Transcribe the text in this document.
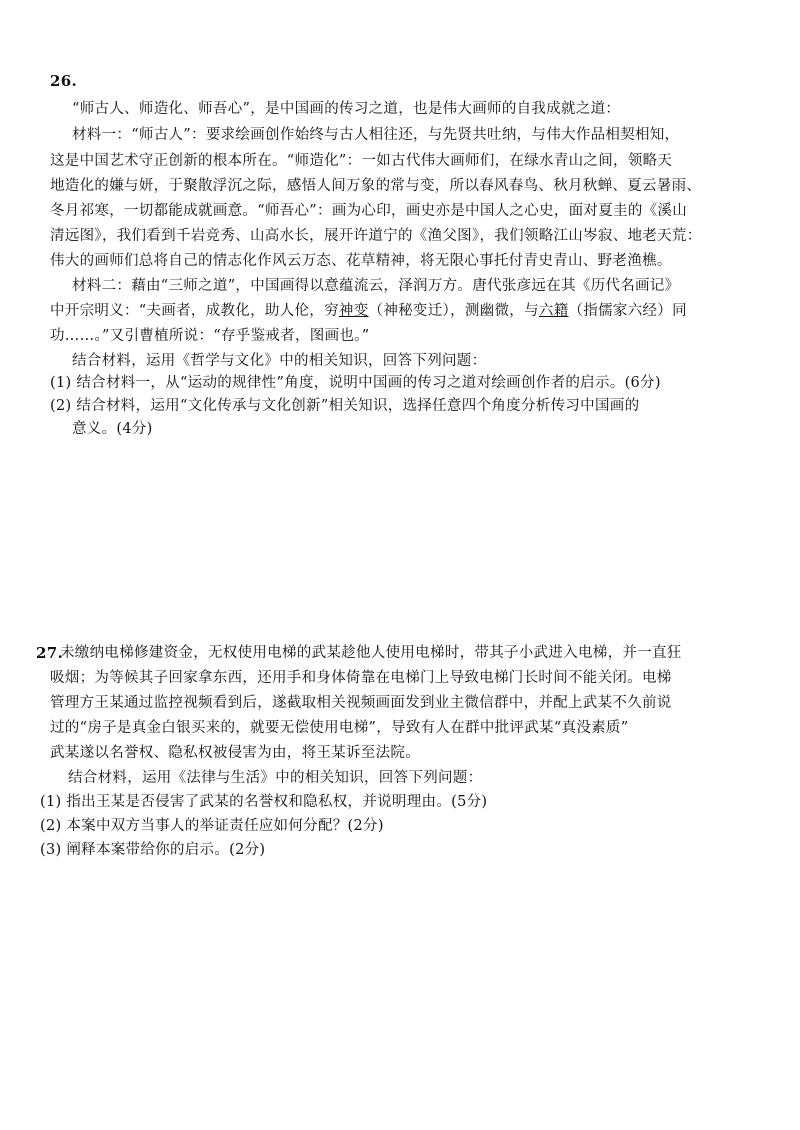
26.
“师古人、师造化、师吾心”，是中国画的传习之道，也是伟大画师的自我成就之道：
材料一：“师古人”：要求绘画创作始终与古人相往还，与先贤共吐纳，与伟大作品相契相知，
这是中国艺术守正创新的根本所在。“师造化”：一如古代伟大画师们，在绿水青山之间，领略天
地造化的嫌与妍，于聚散浮沉之际，感悟人间万象的常与变，所以春风春鸟、秋月秋蝉、夏云暑雨、
冬月祁寒，一切都能成就画意。“师吾心”：画为心印，画史亦是中国人之心史，面对夏圭的《溪山
清远图》，我们看到千岩竞秀、山高水长，展开许道宁的《渔父图》，我们领略江山岑寂、地老天荒：
伟大的画师们总将自己的情志化作风云万态、花草精神，将无限心事托付青史青山、野老渔樵。
材料二：藉由“三师之道”，中国画得以意蕴流云，泽润万方。唐代张彦远在其《历代名画记》
中开宗明义：“夫画者，成教化，助人伦，穷神变（神秘变迁），测幽微，与六籍（指儒家六经）同
功……。”又引曹植所说：“存乎鉴戒者，图画也。”
结合材料，运用《哲学与文化》中的相关知识，回答下列问题：
(1) 结合材料一，从“运动的规律性”角度，说明中国画的传习之道对绘画创作者的启示。(6分)
(2) 结合材料，运用“文化传承与文化创新”相关知识，选择任意四个角度分析传习中国画的
意义。(4分)
27.
未缴纳电梯修建资金，无权使用电梯的武某趁他人使用电梯时，带其子小武进入电梯，并一直狂
吸烟；为等候其子回家拿东西，还用手和身体倚靠在电梯门上导致电梯门长时间不能关闭。电梯
管理方王某通过监控视频看到后，遂截取相关视频画面发到业主微信群中，并配上武某不久前说
过的“房子是真金白银买来的，就要无偿使用电梯”，导致有人在群中批评武某“真没素质”
武某遂以名誉权、隐私权被侵害为由，将王某诉至法院。
结合材料，运用《法律与生活》中的相关知识，回答下列问题：
(1) 指出王某是否侵害了武某的名誉权和隐私权，并说明理由。(5分)
(2) 本案中双方当事人的举证责任应如何分配？(2分)
(3) 阐释本案带给你的启示。(2分)
